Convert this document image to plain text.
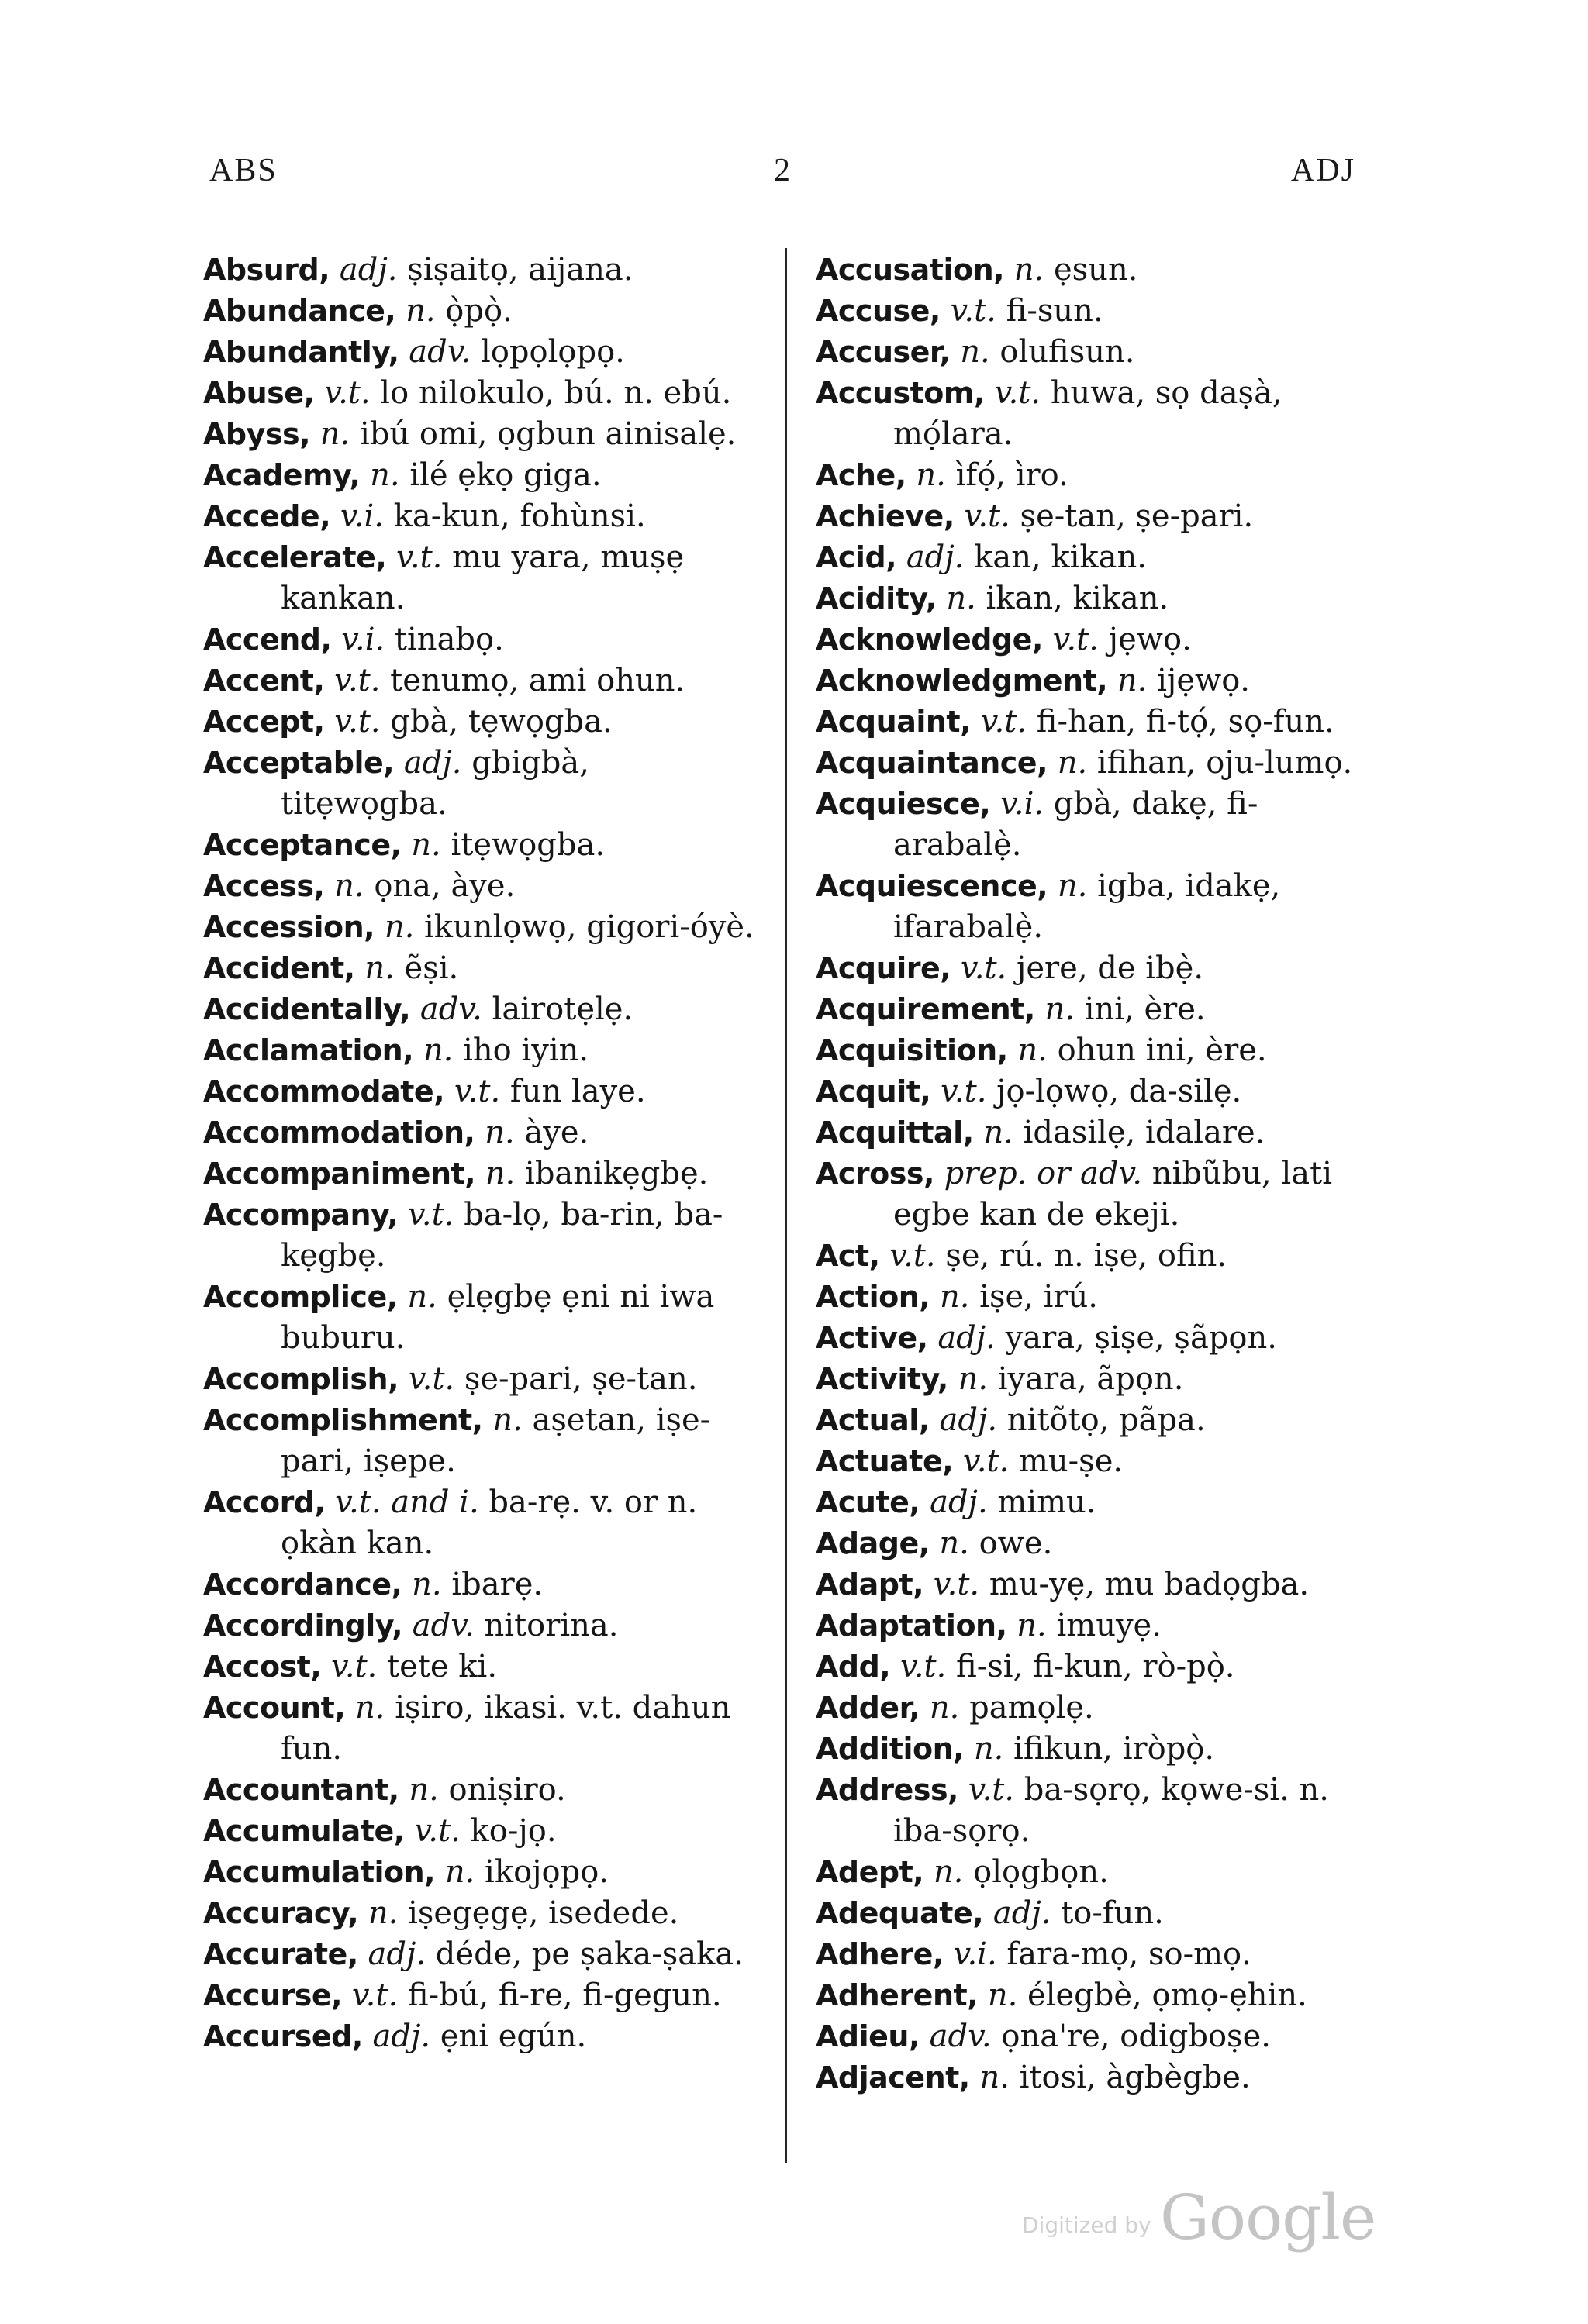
ABS	2	ADJ

Absurd, adj. ṣiṣaitọ, aijana.

Abundance, n. ọ̀pọ̀.

Abundantly, adv. lọpọlọpọ.

Abuse, v.t. lo nilokulo, bú. n. ebú.

Abyss, n. ibú omi, ọgbun ainisalẹ.

Academy, n. ilé ẹkọ giga.

Accede, v.i. ka-kun, fohùnsi.

Accelerate, v.t. mu yara, muṣẹ kankan.

Accend, v.i. tinabọ.

Accent, v.t. tenumọ, ami ohun.

Accept, v.t. gbà, tẹwọgba.

Acceptable, adj. gbigbà, titẹwọgba.

Acceptance, n. itẹwọgba.

Access, n. ọna, àye.

Accession, n. ikunlọwọ, gigori-óyè.

Accident, n. ẽṣi.

Accidentally, adv. lairotẹlẹ.

Acclamation, n. iho iyin.

Accommodate, v.t. fun laye.

Accommodation, n. àye.

Accompaniment, n. ibanikẹgbẹ.

Accompany, v.t. ba-lọ, ba-rin, ba-kẹgbẹ.

Accomplice, n. ẹlẹgbẹ ẹni ni iwa buburu.

Accomplish, v.t. ṣe-pari, ṣe-tan.

Accomplishment, n. aṣetan, iṣe-pari, iṣepe.

Accord, v.t. and i. ba-rẹ. v. or n. ọkàn kan.

Accordance, n. ibarẹ.

Accordingly, adv. nitorina.

Accost, v.t. tete ki.

Account, n. iṣiro, ikasi. v.t. dahun fun.

Accountant, n. oniṣiro.

Accumulate, v.t. ko-jọ.

Accumulation, n. ikojọpọ.

Accuracy, n. iṣegẹgẹ, isedede.

Accurate, adj. déde, pe ṣaka-ṣaka.

Accurse, v.t. fi-bú, fi-re, fi-gegun.

Accursed, adj. ẹni egún.

Accusation, n. ẹsun.

Accuse, v.t. fi-sun.

Accuser, n. olufisun.

Accustom, v.t. huwa, sọ daṣà, mọ́lara.

Ache, n. ìfọ́, ìro.

Achieve, v.t. ṣe-tan, ṣe-pari.

Acid, adj. kan, kikan.

Acidity, n. ikan, kikan.

Acknowledge, v.t. jẹwọ.

Acknowledgment, n. ijẹwọ.

Acquaint, v.t. fi-han, fi-tọ́, sọ-fun.

Acquaintance, n. ifihan, oju-lumọ.

Acquiesce, v.i. gbà, dakẹ, fi-arabalẹ̀.

Acquiescence, n. igba, idakẹ, ifarabalẹ̀.

Acquire, v.t. jere, de ibẹ̀.

Acquirement, n. ini, ère.

Acquisition, n. ohun ini, ère.

Acquit, v.t. jọ-lọwọ, da-silẹ.

Acquittal, n. idasilẹ, idalare.

Across, prep. or adv. nibũbu, lati egbe kan de ekeji.

Act, v.t. ṣe, rú. n. iṣe, ofin.

Action, n. iṣe, irú.

Active, adj. yara, ṣiṣe, ṣãpọn.

Activity, n. iyara, ãpọn.

Actual, adj. nitõtọ, pãpa.

Actuate, v.t. mu-ṣe.

Acute, adj. mimu.

Adage, n. owe.

Adapt, v.t. mu-yẹ, mu badọgba.

Adaptation, n. imuyẹ.

Add, v.t. fi-si, fi-kun, rò-pọ̀.

Adder, n. pamọlẹ.

Addition, n. ifikun, iròpọ̀.

Address, v.t. ba-sọrọ, kọwe-si. n. iba-sọrọ.

Adept, n. ọlọgbọn.

Adequate, adj. to-fun.

Adhere, v.i. fara-mọ, so-mọ.

Adherent, n. élegbè, ọmọ-ẹhin.

Adieu, adv. ọna're, odigboṣe.

Adjacent, n. itosi, àgbègbe.

Digitized by Google
